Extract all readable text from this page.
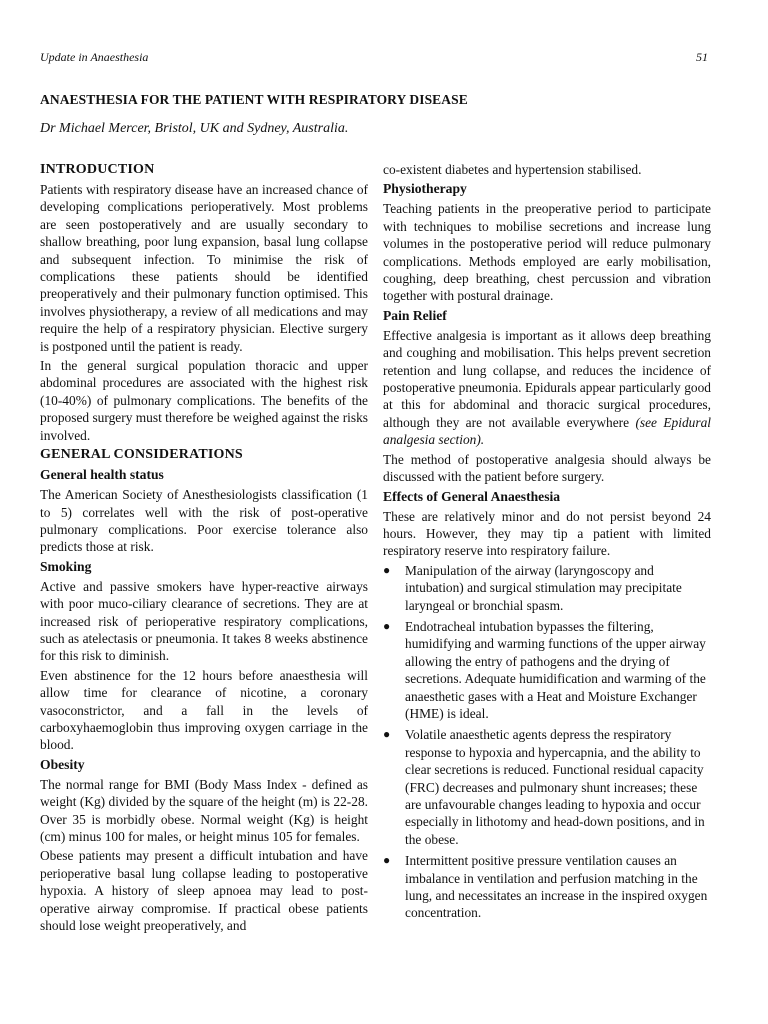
Update in Anaesthesia	51
ANAESTHESIA FOR THE PATIENT WITH RESPIRATORY DISEASE
Dr Michael Mercer, Bristol, UK and Sydney, Australia.
INTRODUCTION

Patients with respiratory disease have an increased chance of developing complications perioperatively. Most problems are seen postoperatively and are usually secondary to shallow breathing, poor lung expansion, basal lung collapse and subsequent infection. To minimise the risk of complications these patients should be identified preoperatively and their pulmonary function optimised. This involves physiotherapy, a review of all medications and may require the help of a respiratory physician. Elective surgery is postponed until the patient is ready.

In the general surgical population thoracic and upper abdominal procedures are associated with the highest risk (10-40%) of pulmonary complications. The benefits of the proposed surgery must therefore be weighed against the risks involved.

GENERAL CONSIDERATIONS
General health status

The American Society of Anesthesiologists classification (1 to 5) correlates well with the risk of post-operative pulmonary complications. Poor exercise tolerance also predicts those at risk.

Smoking

Active and passive smokers have hyper-reactive airways with poor muco-ciliary clearance of secretions. They are at increased risk of perioperative respiratory complications, such as atelectasis or pneumonia. It takes 8 weeks abstinence for this risk to diminish.

Even abstinence for the 12 hours before anaesthesia will allow time for clearance of nicotine, a coronary vasoconstrictor, and a fall in the levels of carboxyhaemoglobin thus improving oxygen carriage in the blood.

Obesity

The normal range for BMI (Body Mass Index - defined as weight (Kg) divided by the square of the height (m) is 22-28. Over 35 is morbidly obese. Normal weight (Kg) is height (cm) minus 100 for males, or height minus 105 for females.

Obese patients may present a difficult intubation and have perioperative basal lung collapse leading to postoperative hypoxia. A history of sleep apnoea may lead to post-operative airway compromise. If practical obese patients should lose weight preoperatively, and

co-existent diabetes and hypertension stabilised.

Physiotherapy

Teaching patients in the preoperative period to participate with techniques to mobilise secretions and increase lung volumes in the postoperative period will reduce pulmonary complications. Methods employed are early mobilisation, coughing, deep breathing, chest percussion and vibration together with postural drainage.

Pain Relief

Effective analgesia is important as it allows deep breathing and coughing and mobilisation. This helps prevent secretion retention and lung collapse, and reduces the incidence of postoperative pneumonia. Epidurals appear particularly good at this for abdominal and thoracic surgical procedures, although they are not available everywhere (see Epidural analgesia section).

The method of postoperative analgesia should always be discussed with the patient before surgery.

Effects of General Anaesthesia

These are relatively minor and do not persist beyond 24 hours. However, they may tip a patient with limited respiratory reserve into respiratory failure.

● Manipulation of the airway (laryngoscopy and intubation) and surgical stimulation may precipitate laryngeal or bronchial spasm.
● Endotracheal intubation bypasses the filtering, humidifying and warming functions of the upper airway allowing the entry of pathogens and the drying of secretions. Adequate humidification and warming of the anaesthetic gases with a Heat and Moisture Exchanger (HME) is ideal.
● Volatile anaesthetic agents depress the respiratory response to hypoxia and hypercapnia, and the ability to clear secretions is reduced. Functional residual capacity (FRC) decreases and pulmonary shunt increases; these are unfavourable changes leading to hypoxia and occur especially in lithotomy and head-down positions, and in the obese.
● Intermittent positive pressure ventilation causes an imbalance in ventilation and perfusion matching in the lung, and necessitates an increase in the inspired oxygen concentration.
